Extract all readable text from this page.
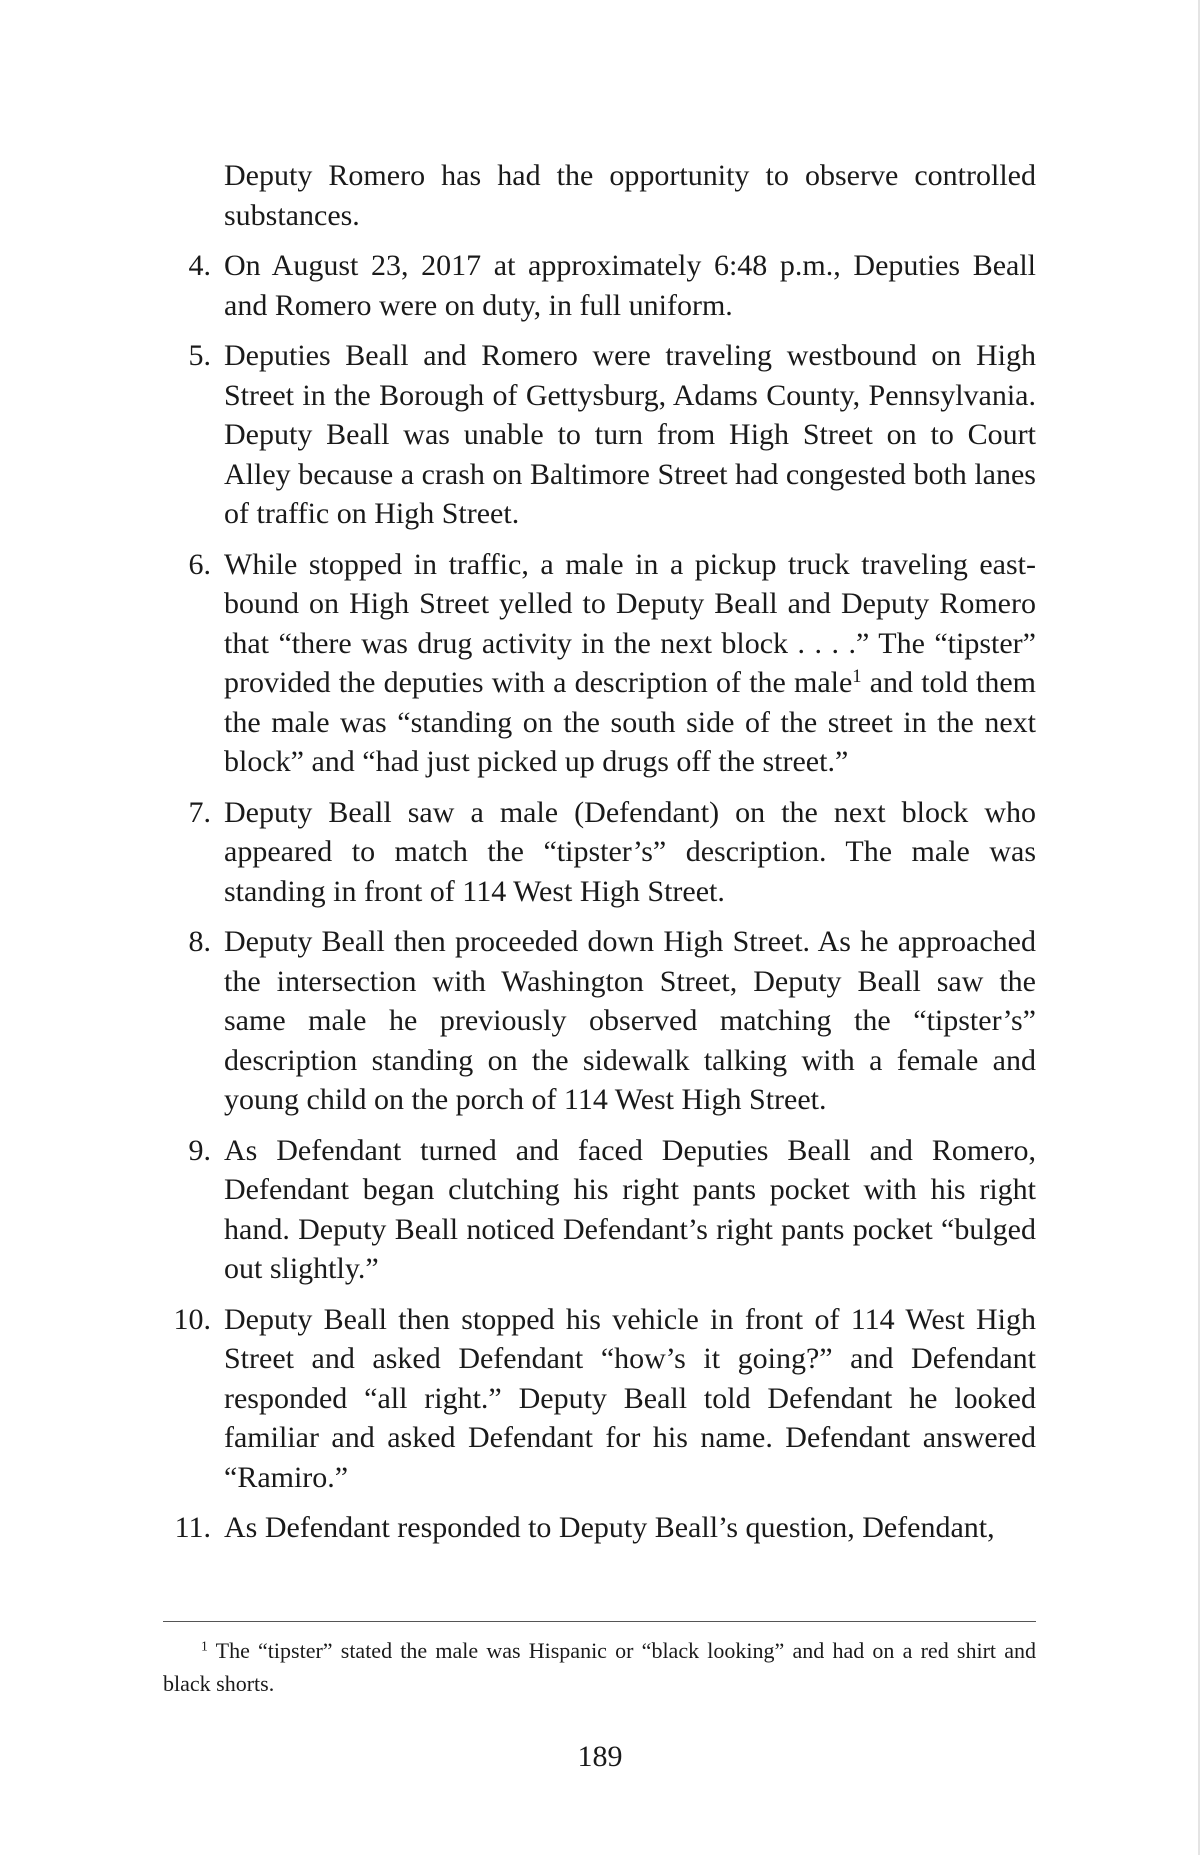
Deputy Romero has had the opportunity to observe controlled substances.
4. On August 23, 2017 at approximately 6:48 p.m., Deputies Beall and Romero were on duty, in full uniform.
5. Deputies Beall and Romero were traveling westbound on High Street in the Borough of Gettysburg, Adams County, Pennsylvania. Deputy Beall was unable to turn from High Street on to Court Alley because a crash on Baltimore Street had congested both lanes of traffic on High Street.
6. While stopped in traffic, a male in a pickup truck traveling eastbound on High Street yelled to Deputy Beall and Deputy Romero that “there was drug activity in the next block . . . .” The “tipster” provided the deputies with a description of the male$^1$ and told them the male was “standing on the south side of the street in the next block” and “had just picked up drugs off the street.”
7. Deputy Beall saw a male (Defendant) on the next block who appeared to match the “tipster’s” description. The male was standing in front of 114 West High Street.
8. Deputy Beall then proceeded down High Street. As he approached the intersection with Washington Street, Deputy Beall saw the same male he previously observed matching the “tipster’s” description standing on the sidewalk talking with a female and young child on the porch of 114 West High Street.
9. As Defendant turned and faced Deputies Beall and Romero, Defendant began clutching his right pants pocket with his right hand. Deputy Beall noticed Defendant’s right pants pocket “bulged out slightly.”
10. Deputy Beall then stopped his vehicle in front of 114 West High Street and asked Defendant “how’s it going?” and Defendant responded “all right.” Deputy Beall told Defendant he looked familiar and asked Defendant for his name. Defendant answered “Ramiro.”
11. As Defendant responded to Deputy Beall’s question, Defendant,
$^1$ The “tipster” stated the male was Hispanic or “black looking” and had on a red shirt and black shorts.
189
